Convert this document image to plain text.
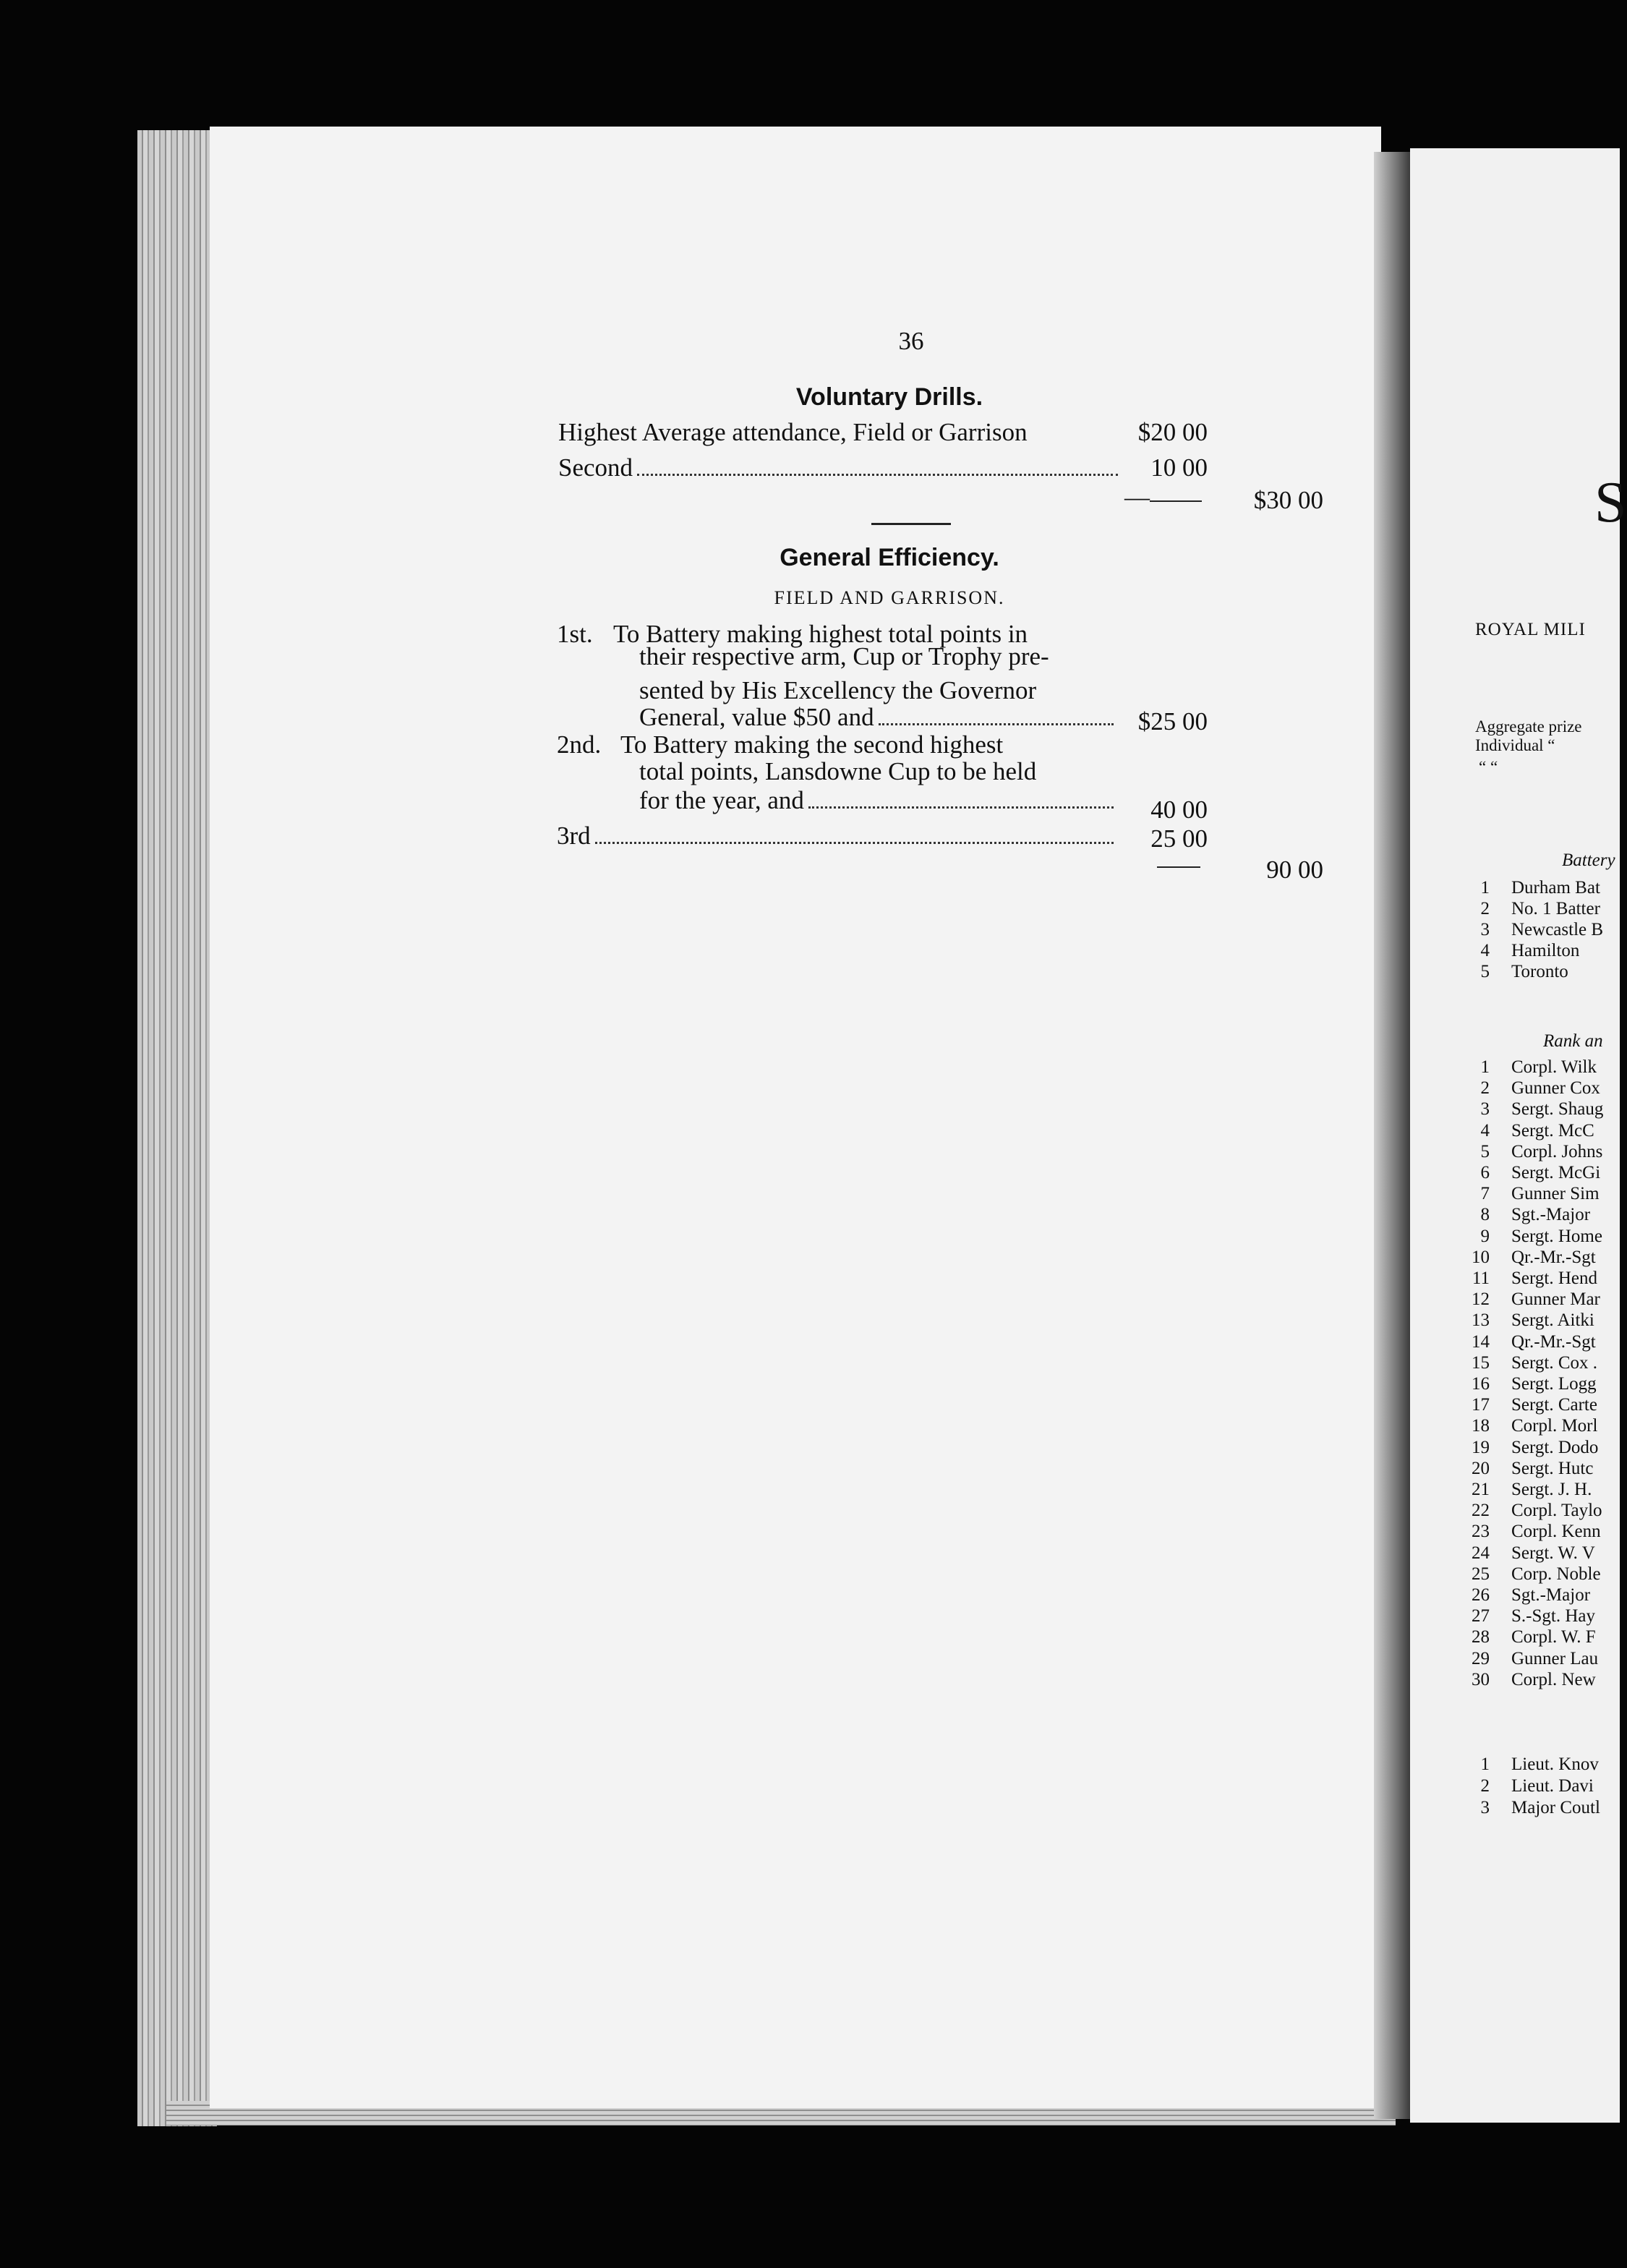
36
Voluntary Drills.
Highest Average attendance, Field or Garrison	$20 00
Second	10 00
—	$30 00
General Efficiency.
FIELD AND GARRISON.
1st. To Battery making highest total points in
their respective arm, Cup or Trophy pre-
sented by His Excellency the Governor
General, value $50 and	$25 00
2nd. To Battery making the second highest
total points, Lansdowne Cup to be held
for the year, and	40 00
3rd	25 00
90 00
S
ROYAL MILI
Aggregate prize
Individual “
“ “
Battery
1 Durham Bat
2 No. 1 Batter
3 Newcastle B
4 Hamilton
5 Toronto
Rank an
1 Corpl. Wilk
2 Gunner Cox
3 Sergt. Shaug
4 Sergt. McC
5 Corpl. Johns
6 Sergt. McGi
7 Gunner Sim
8 Sgt.-Major
9 Sergt. Home
10 Qr.-Mr.-Sgt
11 Sergt. Hend
12 Gunner Mar
13 Sergt. Aitki
14 Qr.-Mr.-Sgt
15 Sergt. Cox .
16 Sergt. Logg
17 Sergt. Carte
18 Corpl. Morl
19 Sergt. Dodo
20 Sergt. Hutc
21 Sergt. J. H.
22 Corpl. Taylo
23 Corpl. Kenn
24 Sergt. W. V
25 Corp. Noble
26 Sgt.-Major
27 S.-Sgt. Hay
28 Corpl. W. F
29 Gunner Lau
30 Corpl. New
1 Lieut. Knov
2 Lieut. Davi
3 Major Coutl
